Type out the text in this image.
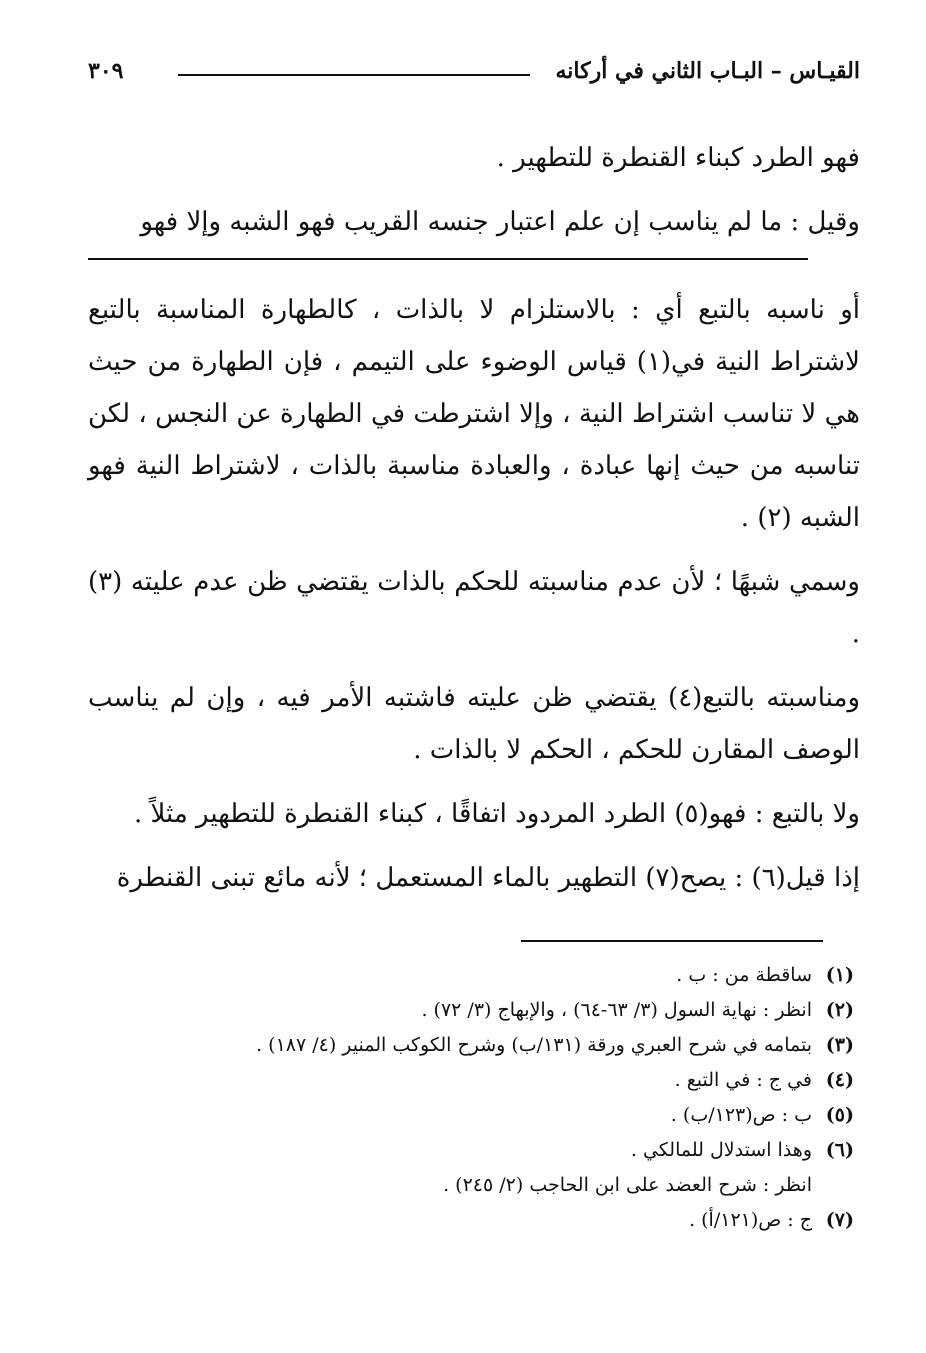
القيـاس – البـاب الثاني في أركانه
٣٠٩

فهو الطرد كبناء القنطرة للتطهير .

وقيل : ما لم يناسب إن علم اعتبار جنسه القريب فهو الشبه وإلا فهو

أو ناسبه بالتبع أي : بالاستلزام لا بالذات ، كالطهارة المناسبة بالتبع لاشتراط النية في(١) قياس الوضوء على التيمم ، فإن الطهارة من حيث هي لا تناسب اشتراط النية ، وإلا اشترطت في الطهارة عن النجس ، لكن تناسبه من حيث إنها عبادة ، والعبادة مناسبة بالذات ، لاشتراط النية فهو الشبه (٢) .

وسمي شبهًا ؛ لأن عدم مناسبته للحكم بالذات يقتضي ظن عدم عليته (٣) .

ومناسبته بالتبع(٤) يقتضي ظن عليته فاشتبه الأمر فيه ، وإن لم يناسب الوصف المقارن للحكم ، الحكم لا بالذات .

ولا بالتبع : فهو(٥) الطرد المردود اتفاقًا ، كبناء القنطرة للتطهير مثلاً .

إذا قيل(٦) : يصح(٧) التطهير بالماء المستعمل ؛ لأنه مائع تبنى القنطرة

(١)ساقطة من : ب .

(٢)انظر : نهاية السول (٣/ ٦٣-٦٤) ، والإبهاج (٣/ ٧٢) .

(٣)بتمامه في شرح العبري ورقة (١٣١/ب) وشرح الكوكب المنير (٤/ ١٨٧) .

(٤)في ج : في التبع .

(٥)ب : ص(١٢٣/ب) .

(٦)وهذا استدلال للمالكي .

انظر : شرح العضد على ابن الحاجب (٢/ ٢٤٥) .

(٧)ج : ص(١٢١/أ) .
